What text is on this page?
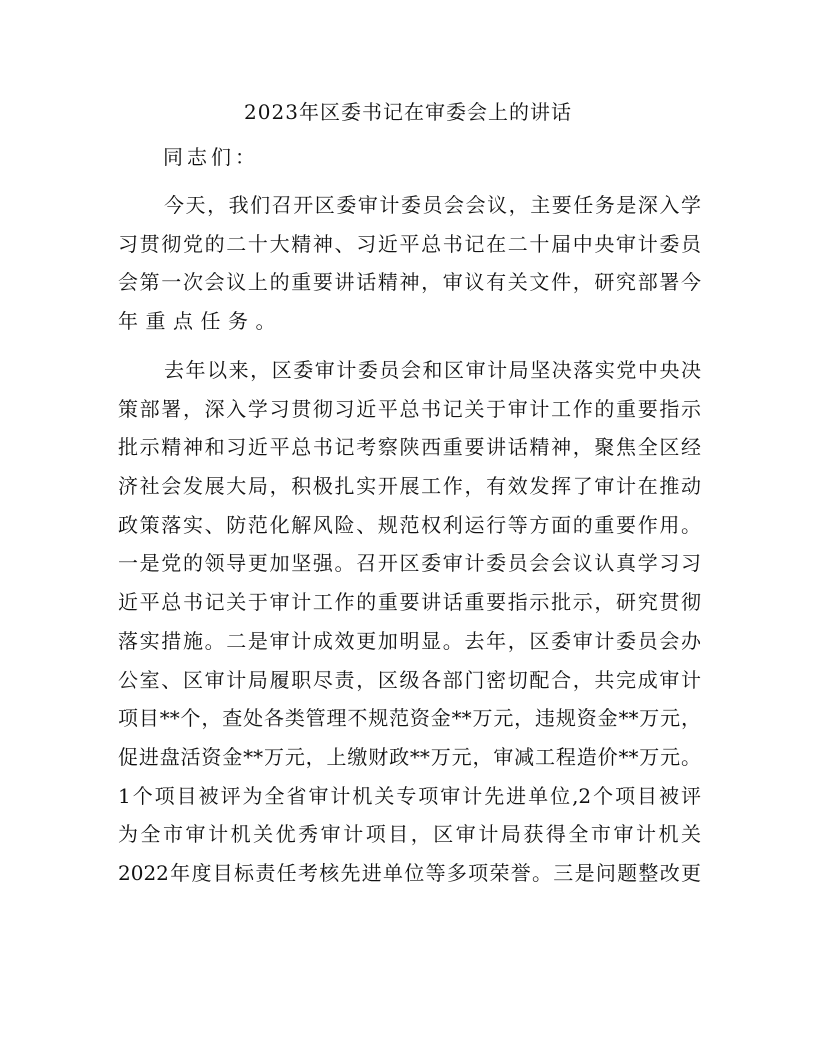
2023年区委书记在审委会上的讲话
同志们：
今天，我们召开区委审计委员会会议，主要任务是深入学
习贯彻党的二十大精神、习近平总书记在二十届中央审计委员
会第一次会议上的重要讲话精神，审议有关文件，研究部署今
年重点任务。
去年以来，区委审计委员会和区审计局坚决落实党中央决
策部署，深入学习贯彻习近平总书记关于审计工作的重要指示
批示精神和习近平总书记考察陕西重要讲话精神，聚焦全区经
济社会发展大局，积极扎实开展工作，有效发挥了审计在推动
政策落实、防范化解风险、规范权利运行等方面的重要作用。
一是党的领导更加坚强。召开区委审计委员会会议认真学习习
近平总书记关于审计工作的重要讲话重要指示批示，研究贯彻
落实措施。二是审计成效更加明显。去年，区委审计委员会办
公室、区审计局履职尽责，区级各部门密切配合，共完成审计
项目**个，查处各类管理不规范资金**万元，违规资金**万元，
促进盘活资金**万元，上缴财政**万元，审减工程造价**万元。
1个项目被评为全省审计机关专项审计先进单位,2个项目被评
为全市审计机关优秀审计项目，区审计局获得全市审计机关
2022年度目标责任考核先进单位等多项荣誉。三是问题整改更
